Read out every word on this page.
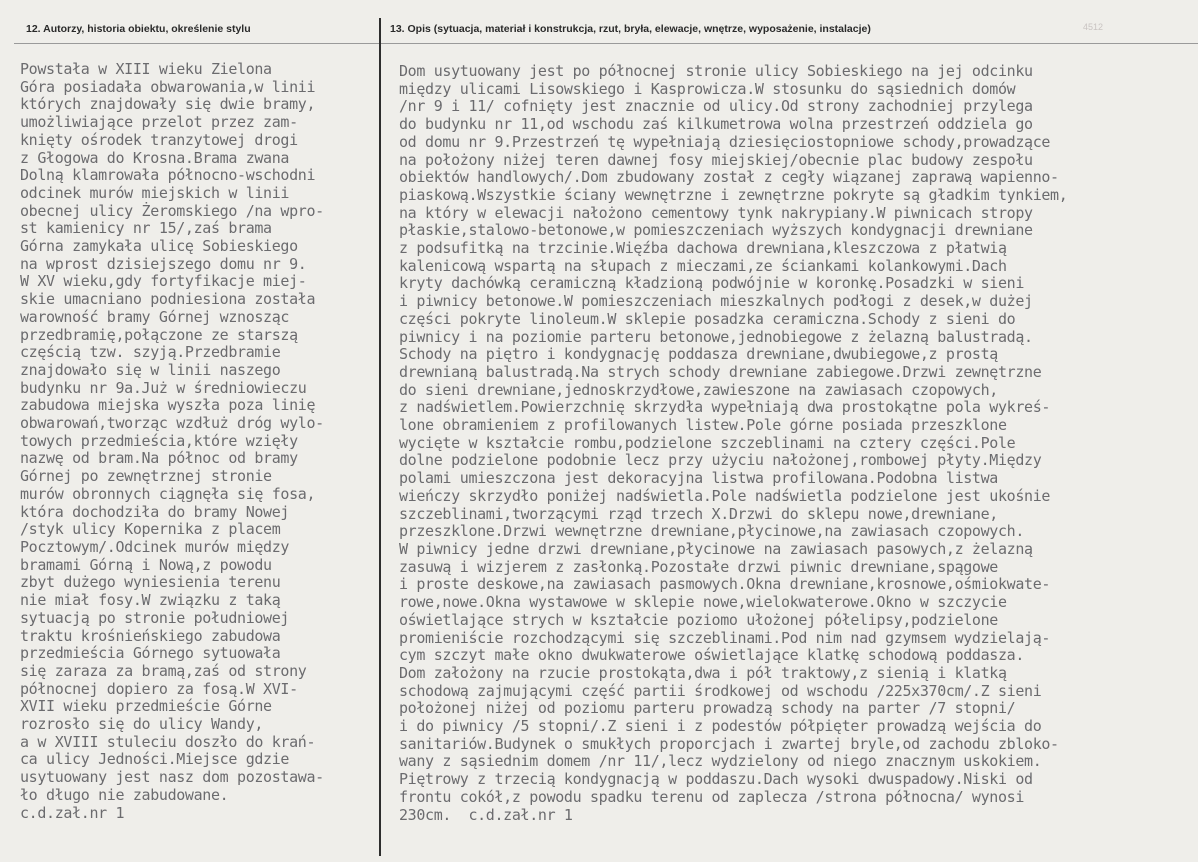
12. Autorzy, historia obiektu, określenie stylu	13. Opis (sytuacja, materiał i konstrukcja, rzut, bryła, elewacje, wnętrze, wyposażenie, instalacje)	4512
Powstała w XIII wieku Zielona
Góra posiadała obwarowania,w linii
których znajdowały się dwie bramy,
umożliwiające przelot przez zam-
knięty ośrodek tranzytowej drogi
z Głogowa do Krosna.Brama zwana
Dolną klamrowała północno-wschodni
odcinek murów miejskich w linii
obecnej ulicy Żeromskiego /na wpro-
st kamienicy nr 15/,zaś brama
Górna zamykała ulicę Sobieskiego
na wprost dzisiejszego domu nr 9.
W XV wieku,gdy fortyfikacje miej-
skie umacniano podniesiona została
warowność bramy Górnej wznosząc
przedbramię,połączone ze starszą
częścią tzw. szyją.Przedbramie
znajdowało się w linii naszego
budynku nr 9a.Już w średniowieczu
zabudowa miejska wyszła poza linię
obwarowań,tworząc wzdłuż dróg wylo-
towych przedmieścia,które wzięły
nazwę od bram.Na północ od bramy
Górnej po zewnętrznej stronie
murów obronnych ciągnęła się fosa,
która dochodziła do bramy Nowej
/styk ulicy Kopernika z placem
Pocztowym/.Odcinek murów między
bramami Górną i Nową,z powodu
zbyt dużego wyniesienia terenu
nie miał fosy.W związku z taką
sytuacją po stronie południowej
traktu krośnieńskiego zabudowa
przedmieścia Górnego sytuowała
się zaraza za bramą,zaś od strony
północnej dopiero za fosą.W XVI-
XVII wieku przedmieście Górne
rozrosło się do ulicy Wandy,
a w XVIII stuleciu doszło do krań-
ca ulicy Jedności.Miejsce gdzie
usytuowany jest nasz dom pozostawa-
ło długo nie zabudowane.
c.d.zał.nr 1
Dom usytuowany jest po północnej stronie ulicy Sobieskiego na jej odcinku
między ulicami Lisowskiego i Kasprowicza.W stosunku do sąsiednich domów
/nr 9 i 11/ cofnięty jest znacznie od ulicy.Od strony zachodniej przylega
do budynku nr 11,od wschodu zaś kilkumetrowa wolna przestrzeń oddziela go
od domu nr 9.Przestrzeń tę wypełniają dziesięciostopniowe schody,prowadzące
na położony niżej teren dawnej fosy miejskiej/obecnie plac budowy zespołu
obiektów handlowych/.Dom zbudowany został z cegły wiązanej zaprawą wapienno-
piaskową.Wszystkie ściany wewnętrzne i zewnętrzne pokryte są gładkim tynkiem,
na który w elewacji nałożono cementowy tynk nakrypiany.W piwnicach stropy
płaskie,stalowo-betonowe,w pomieszczeniach wyższych kondygnacji drewniane
z podsufitką na trzcinie.Więźba dachowa drewniana,kleszczowa z płatwią
kalenicową wspartą na słupach z mieczami,ze ściankami kolankowymi.Dach
kryty dachówką ceramiczną kładzioną podwójnie w koronkę.Posadzki w sieni
i piwnicy betonowe.W pomieszczeniach mieszkalnych podłogi z desek,w dużej
części pokryte linoleum.W sklepie posadzka ceramiczna.Schody z sieni do
piwnicy i na poziomie parteru betonowe,jednobiegowe z żelazną balustradą.
Schody na piętro i kondygnację poddasza drewniane,dwubiegowe,z prostą
drewnianą balustradą.Na strych schody drewniane zabiegowe.Drzwi zewnętrzne
do sieni drewniane,jednoskrzydłowe,zawieszone na zawiasach czopowych,
z nadświetlem.Powierzchnię skrzydła wypełniają dwa prostokątne pola wykreś-
lone obramieniem z profilowanych listew.Pole górne posiada przeszklone
wycięte w kształcie rombu,podzielone szczeblinami na cztery części.Pole
dolne podzielone podobnie lecz przy użyciu nałożonej,rombowej płyty.Między
polami umieszczona jest dekoracyjna listwa profilowana.Podobna listwa
wieńczy skrzydło poniżej nadświetla.Pole nadświetla podzielone jest ukośnie
szczeblinami,tworzącymi rząd trzech X.Drzwi do sklepu nowe,drewniane,
przeszklone.Drzwi wewnętrzne drewniane,płycinowe,na zawiasach czopowych.
W piwnicy jedne drzwi drewniane,płycinowe na zawiasach pasowych,z żelazną
zasuwą i wizjerem z zasłonką.Pozostałe drzwi piwnic drewniane,spągowe
i proste deskowe,na zawiasach pasmowych.Okna drewniane,krosnowe,ośmiokwate-
rowe,nowe.Okna wystawowe w sklepie nowe,wielokwaterowe.Okno w szczycie
oświetlające strych w kształcie poziomo ułożonej półelipsy,podzielone
promieniście rozchodzącymi się szczeblinami.Pod nim nad gzymsem wydzielają-
cym szczyt małe okno dwukwaterowe oświetlające klatkę schodową poddasza.
Dom założony na rzucie prostokąta,dwa i pół traktowy,z sienią i klatką
schodową zajmującymi część partii środkowej od wschodu /225x370cm/.Z sieni
położonej niżej od poziomu parteru prowadzą schody na parter /7 stopni/
i do piwnicy /5 stopni/.Z sieni i z podestów półpięter prowadzą wejścia do
sanitariów.Budynek o smukłych proporcjach i zwartej bryle,od zachodu zbloko-
wany z sąsiednim domem /nr 11/,lecz wydzielony od niego znacznym uskokiem.
Piętrowy z trzecią kondygnacją w poddaszu.Dach wysoki dwuspadowy.Niski od
frontu cokół,z powodu spadku terenu od zaplecza /strona północna/ wynosi
230cm.  c.d.zał.nr 1
